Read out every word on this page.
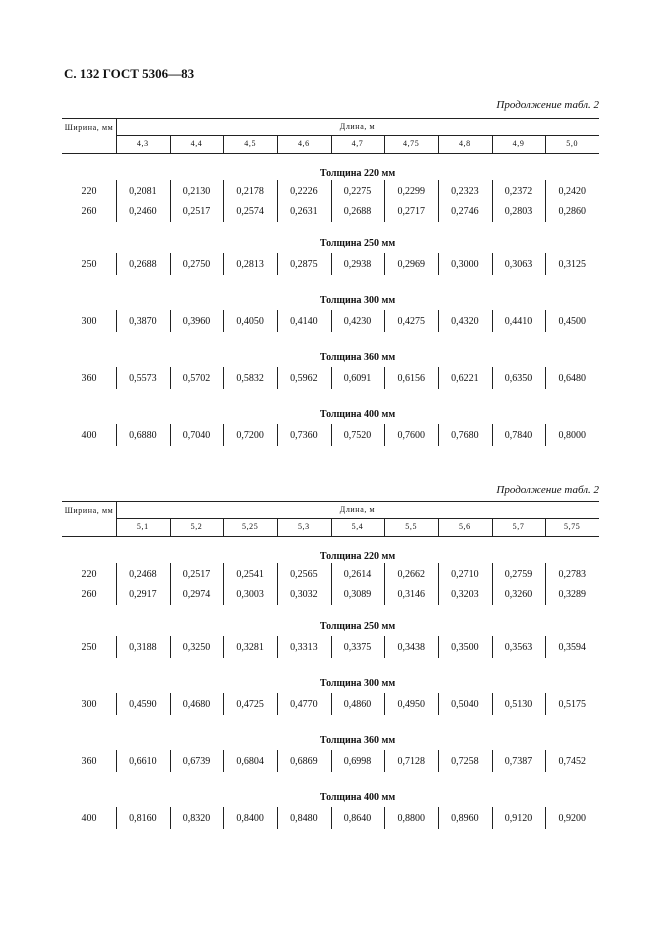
С. 132 ГОСТ 5306—83
Продолжение табл. 2
Ширина, мм	Длина, м
4,3	4,4	4,5	4,6	4,7	4,75	4,8	4,9	5,0
Толщина 220 мм
220	0,2081	0,2130	0,2178	0,2226	0,2275	0,2299	0,2323	0,2372	0,2420
260	0,2460	0,2517	0,2574	0,2631	0,2688	0,2717	0,2746	0,2803	0,2860
Толщина 250 мм
250	0,2688	0,2750	0,2813	0,2875	0,2938	0,2969	0,3000	0,3063	0,3125
Толщина 300 мм
300	0,3870	0,3960	0,4050	0,4140	0,4230	0,4275	0,4320	0,4410	0,4500
Толщина 360 мм
360	0,5573	0,5702	0,5832	0,5962	0,6091	0,6156	0,6221	0,6350	0,6480
Толщина 400 мм
400	0,6880	0,7040	0,7200	0,7360	0,7520	0,7600	0,7680	0,7840	0,8000
Продолжение табл. 2
Ширина, мм	Длина, м
5,1	5,2	5,25	5,3	5,4	5,5	5,6	5,7	5,75
Толщина 220 мм
220	0,2468	0,2517	0,2541	0,2565	0,2614	0,2662	0,2710	0,2759	0,2783
260	0,2917	0,2974	0,3003	0,3032	0,3089	0,3146	0,3203	0,3260	0,3289
Толщина 250 мм
250	0,3188	0,3250	0,3281	0,3313	0,3375	0,3438	0,3500	0,3563	0,3594
Толщина 300 мм
300	0,4590	0,4680	0,4725	0,4770	0,4860	0,4950	0,5040	0,5130	0,5175
Толщина 360 мм
360	0,6610	0,6739	0,6804	0,6869	0,6998	0,7128	0,7258	0,7387	0,7452
Толщина 400 мм
400	0,8160	0,8320	0,8400	0,8480	0,8640	0,8800	0,8960	0,9120	0,9200
